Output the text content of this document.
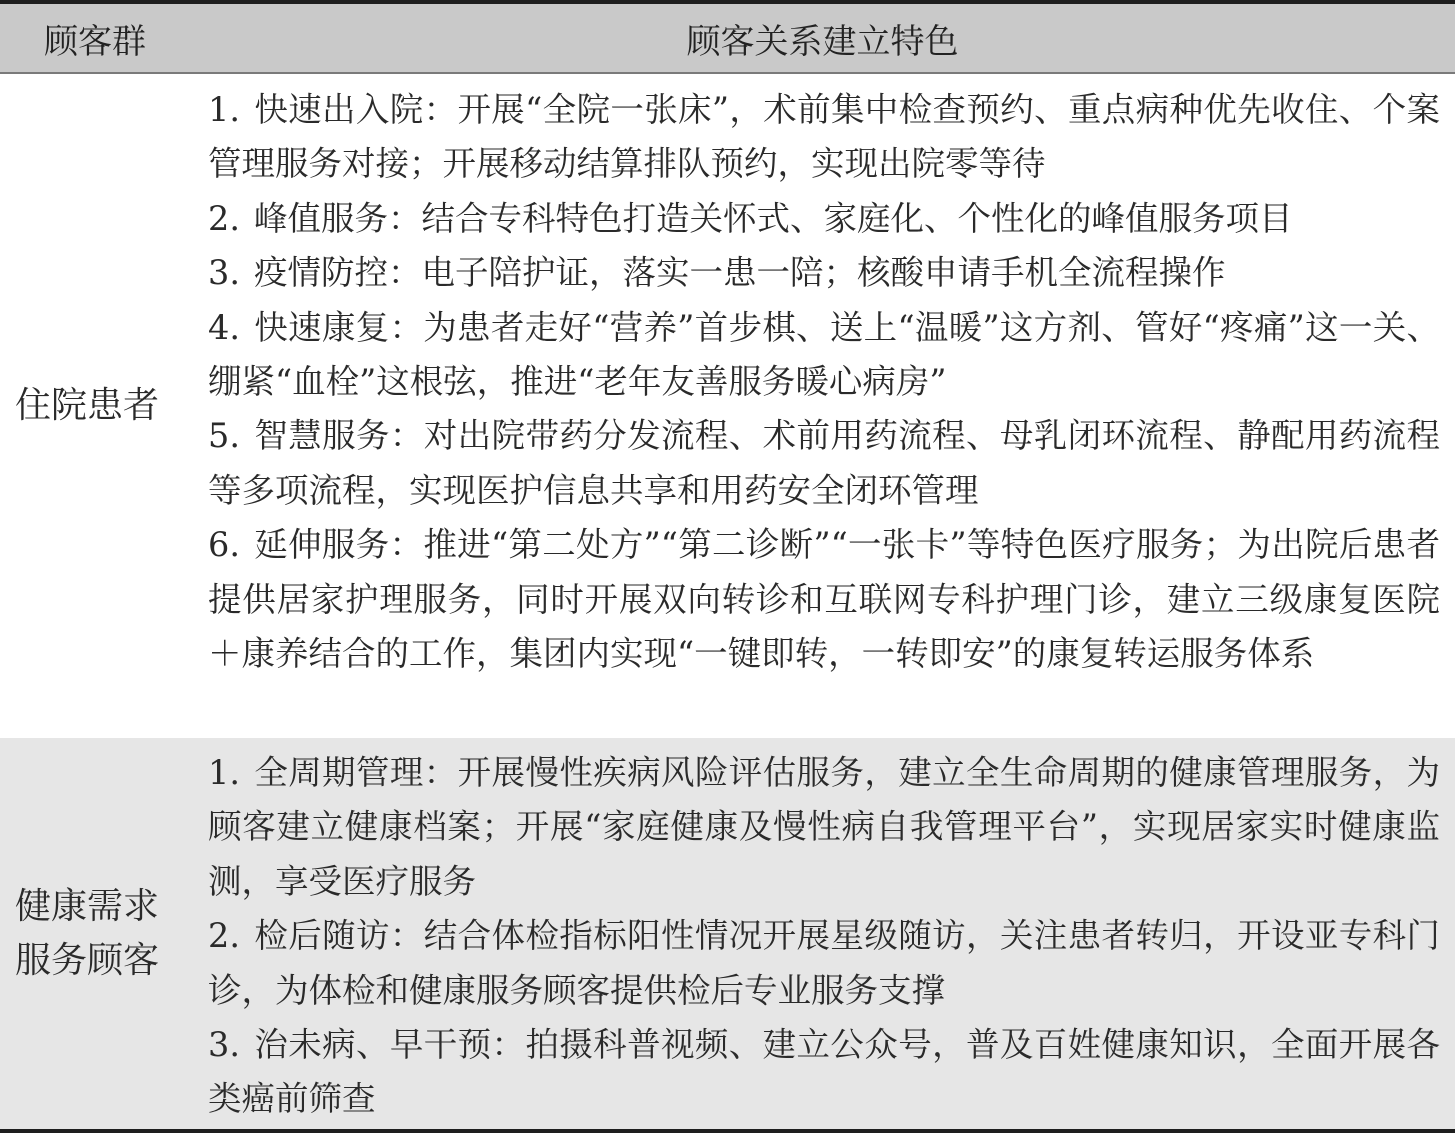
顾客群	顾客关系建立特色
住院患者

1. 快速出入院：开展“全院一张床”，术前集中检查预约、重点病种优先收住、个案管理服务对接；开展移动结算排队预约，实现出院零等待

2. 峰值服务：结合专科特色打造关怀式、家庭化、个性化的峰值服务项目

3. 疫情防控：电子陪护证，落实一患一陪；核酸申请手机全流程操作

4. 快速康复：为患者走好“营养”首步棋、送上“温暖”这方剂、管好“疼痛”这一关、绷紧“血栓”这根弦，推进“老年友善服务暖心病房”

5. 智慧服务：对出院带药分发流程、术前用药流程、母乳闭环流程、静配用药流程等多项流程，实现医护信息共享和用药安全闭环管理

6. 延伸服务：推进“第二处方”“第二诊断”“一张卡”等特色医疗服务；为出院后患者提供居家护理服务，同时开展双向转诊和互联网专科护理门诊，建立三级康复医院＋康养结合的工作，集团内实现“一键即转，一转即安”的康复转运服务体系

健康需求服务顾客

1. 全周期管理：开展慢性疾病风险评估服务，建立全生命周期的健康管理服务，为顾客建立健康档案；开展“家庭健康及慢性病自我管理平台”，实现居家实时健康监测，享受医疗服务

2. 检后随访：结合体检指标阳性情况开展星级随访，关注患者转归，开设亚专科门诊，为体检和健康服务顾客提供检后专业服务支撑

3. 治未病、早干预：拍摄科普视频、建立公众号，普及百姓健康知识，全面开展各类癌前筛查
